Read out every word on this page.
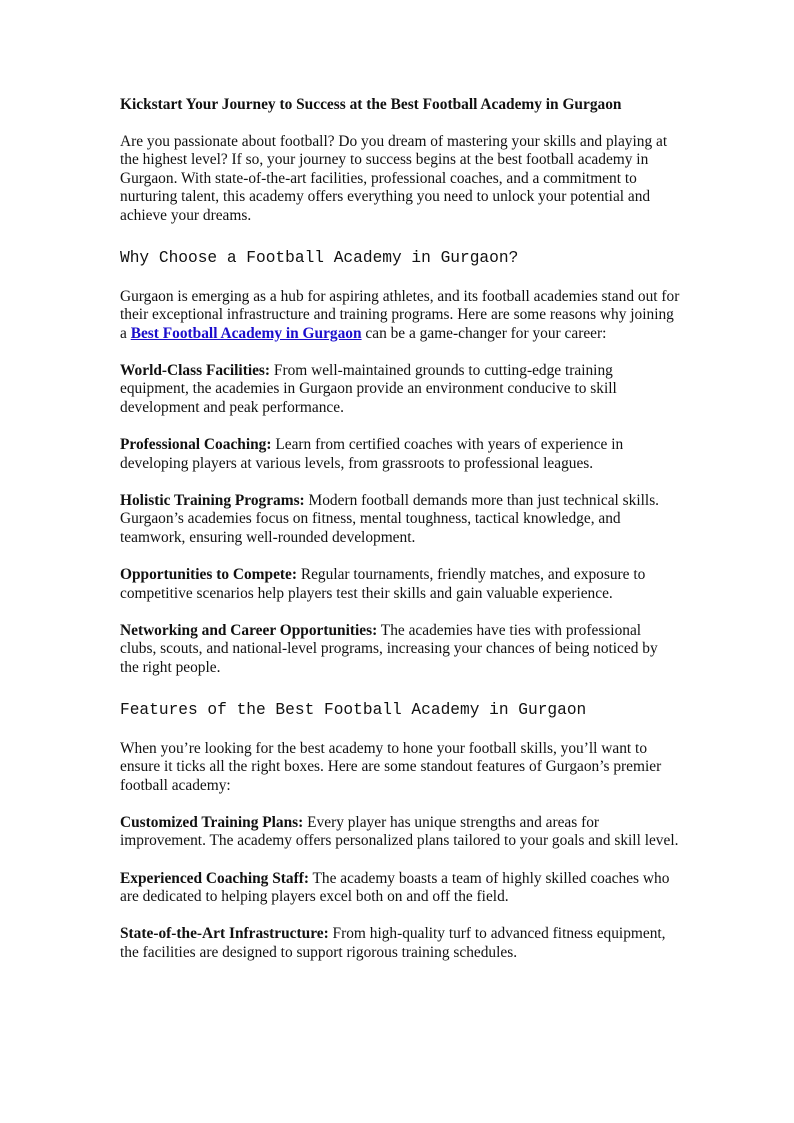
Kickstart Your Journey to Success at the Best Football Academy in Gurgaon

Are you passionate about football? Do you dream of mastering your skills and playing at the highest level? If so, your journey to success begins at the best football academy in Gurgaon. With state-of-the-art facilities, professional coaches, and a commitment to nurturing talent, this academy offers everything you need to unlock your potential and achieve your dreams.

Why Choose a Football Academy in Gurgaon?

Gurgaon is emerging as a hub for aspiring athletes, and its football academies stand out for their exceptional infrastructure and training programs. Here are some reasons why joining a Best Football Academy in Gurgaon can be a game-changer for your career:

World-Class Facilities: From well-maintained grounds to cutting-edge training equipment, the academies in Gurgaon provide an environment conducive to skill development and peak performance.

Professional Coaching: Learn from certified coaches with years of experience in developing players at various levels, from grassroots to professional leagues.

Holistic Training Programs: Modern football demands more than just technical skills. Gurgaon’s academies focus on fitness, mental toughness, tactical knowledge, and teamwork, ensuring well-rounded development.

Opportunities to Compete: Regular tournaments, friendly matches, and exposure to competitive scenarios help players test their skills and gain valuable experience.

Networking and Career Opportunities: The academies have ties with professional clubs, scouts, and national-level programs, increasing your chances of being noticed by the right people.

Features of the Best Football Academy in Gurgaon

When you’re looking for the best academy to hone your football skills, you’ll want to ensure it ticks all the right boxes. Here are some standout features of Gurgaon’s premier football academy:

Customized Training Plans: Every player has unique strengths and areas for improvement. The academy offers personalized plans tailored to your goals and skill level.

Experienced Coaching Staff: The academy boasts a team of highly skilled coaches who are dedicated to helping players excel both on and off the field.

State-of-the-Art Infrastructure: From high-quality turf to advanced fitness equipment, the facilities are designed to support rigorous training schedules.
